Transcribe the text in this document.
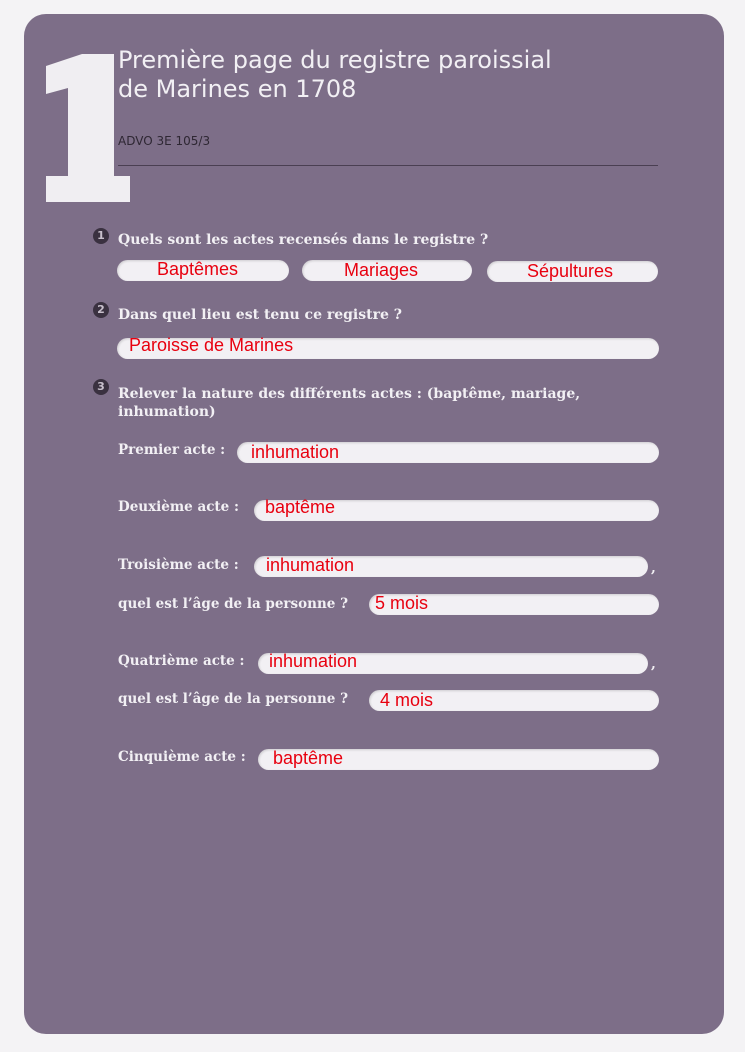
Première page du registre paroissial
de Marines en 1708
ADVO 3E 105/3
1 Quels sont les actes recensés dans le registre ?
Baptêmes	Mariages	Sépultures
2 Dans quel lieu est tenu ce registre ?
Paroisse de Marines
3 Relever la nature des différents actes : (baptême, mariage,
inhumation)
Premier acte : inhumation
Deuxième acte : baptême
Troisième acte : inhumation	,
quel est l’âge de la personne ? 5 mois
Quatrième acte : inhumation	,
quel est l’âge de la personne ? 4 mois
Cinquième acte : baptême
